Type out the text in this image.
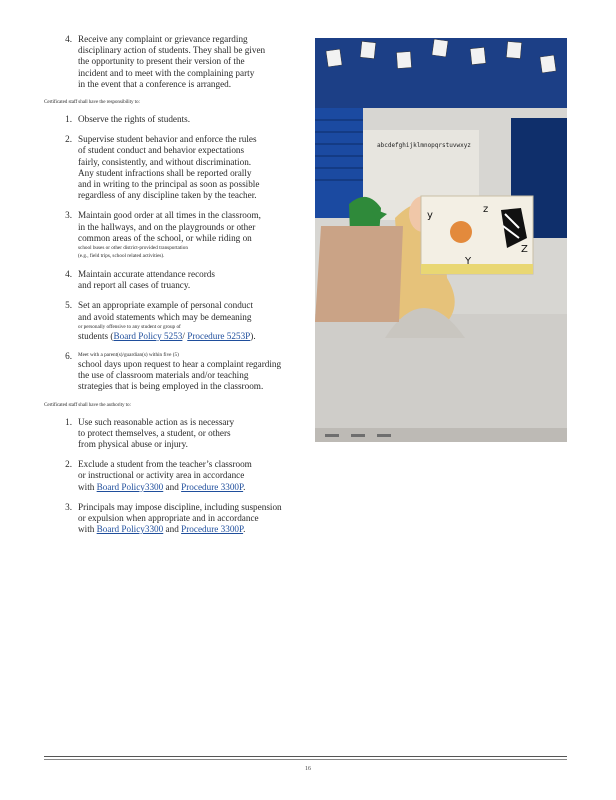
4. Receive any complaint or grievance regarding
disciplinary action of students. They shall be given
the opportunity to present their version of the
incident and to meet with the complaining party
in the event that a conference is arranged.
Certificated staff shall have the responsibility to:
1. Observe the rights of students.
2. Supervise student behavior and enforce the rules
of student conduct and behavior expectations
fairly, consistently, and without discrimination.
Any student infractions shall be reported orally
and in writing to the principal as soon as possible
regardless of any discipline taken by the teacher.
3. Maintain good order at all times in the classroom,
in the hallways, and on the playgrounds or other
common areas of the school, or while riding on
school buses or other district-provided transportation
(e.g., field trips, school related activities).
4. Maintain accurate attendance records
and report all cases of truancy.
5. Set an appropriate example of personal conduct
and avoid statements which may be demeaning
or personally offensive to any student or group of
students (Board Policy 5253/ Procedure 5253P).
6.	Meet with a parent(s)/guardian(s) within five (5)
school days upon request to hear a complaint regarding
the use of classroom materials and/or teaching
strategies that is being employed in the classroom.
Certificated staff shall have the authority to:
1. Use such reasonable action as is necessary
to protect themselves, a student, or others
from physical abuse or injury.
2. Exclude a student from the teacher’s classroom
or instructional or activity area in accordance
with Board Policy3300 and Procedure 3300P.
3. Principals may impose discipline, including suspension
or expulsion when appropriate and in accordance
with Board Policy3300 and Procedure 3300P.
abcdefghijklmnopqrstuvwxyz
y
z
Y
Z
16
